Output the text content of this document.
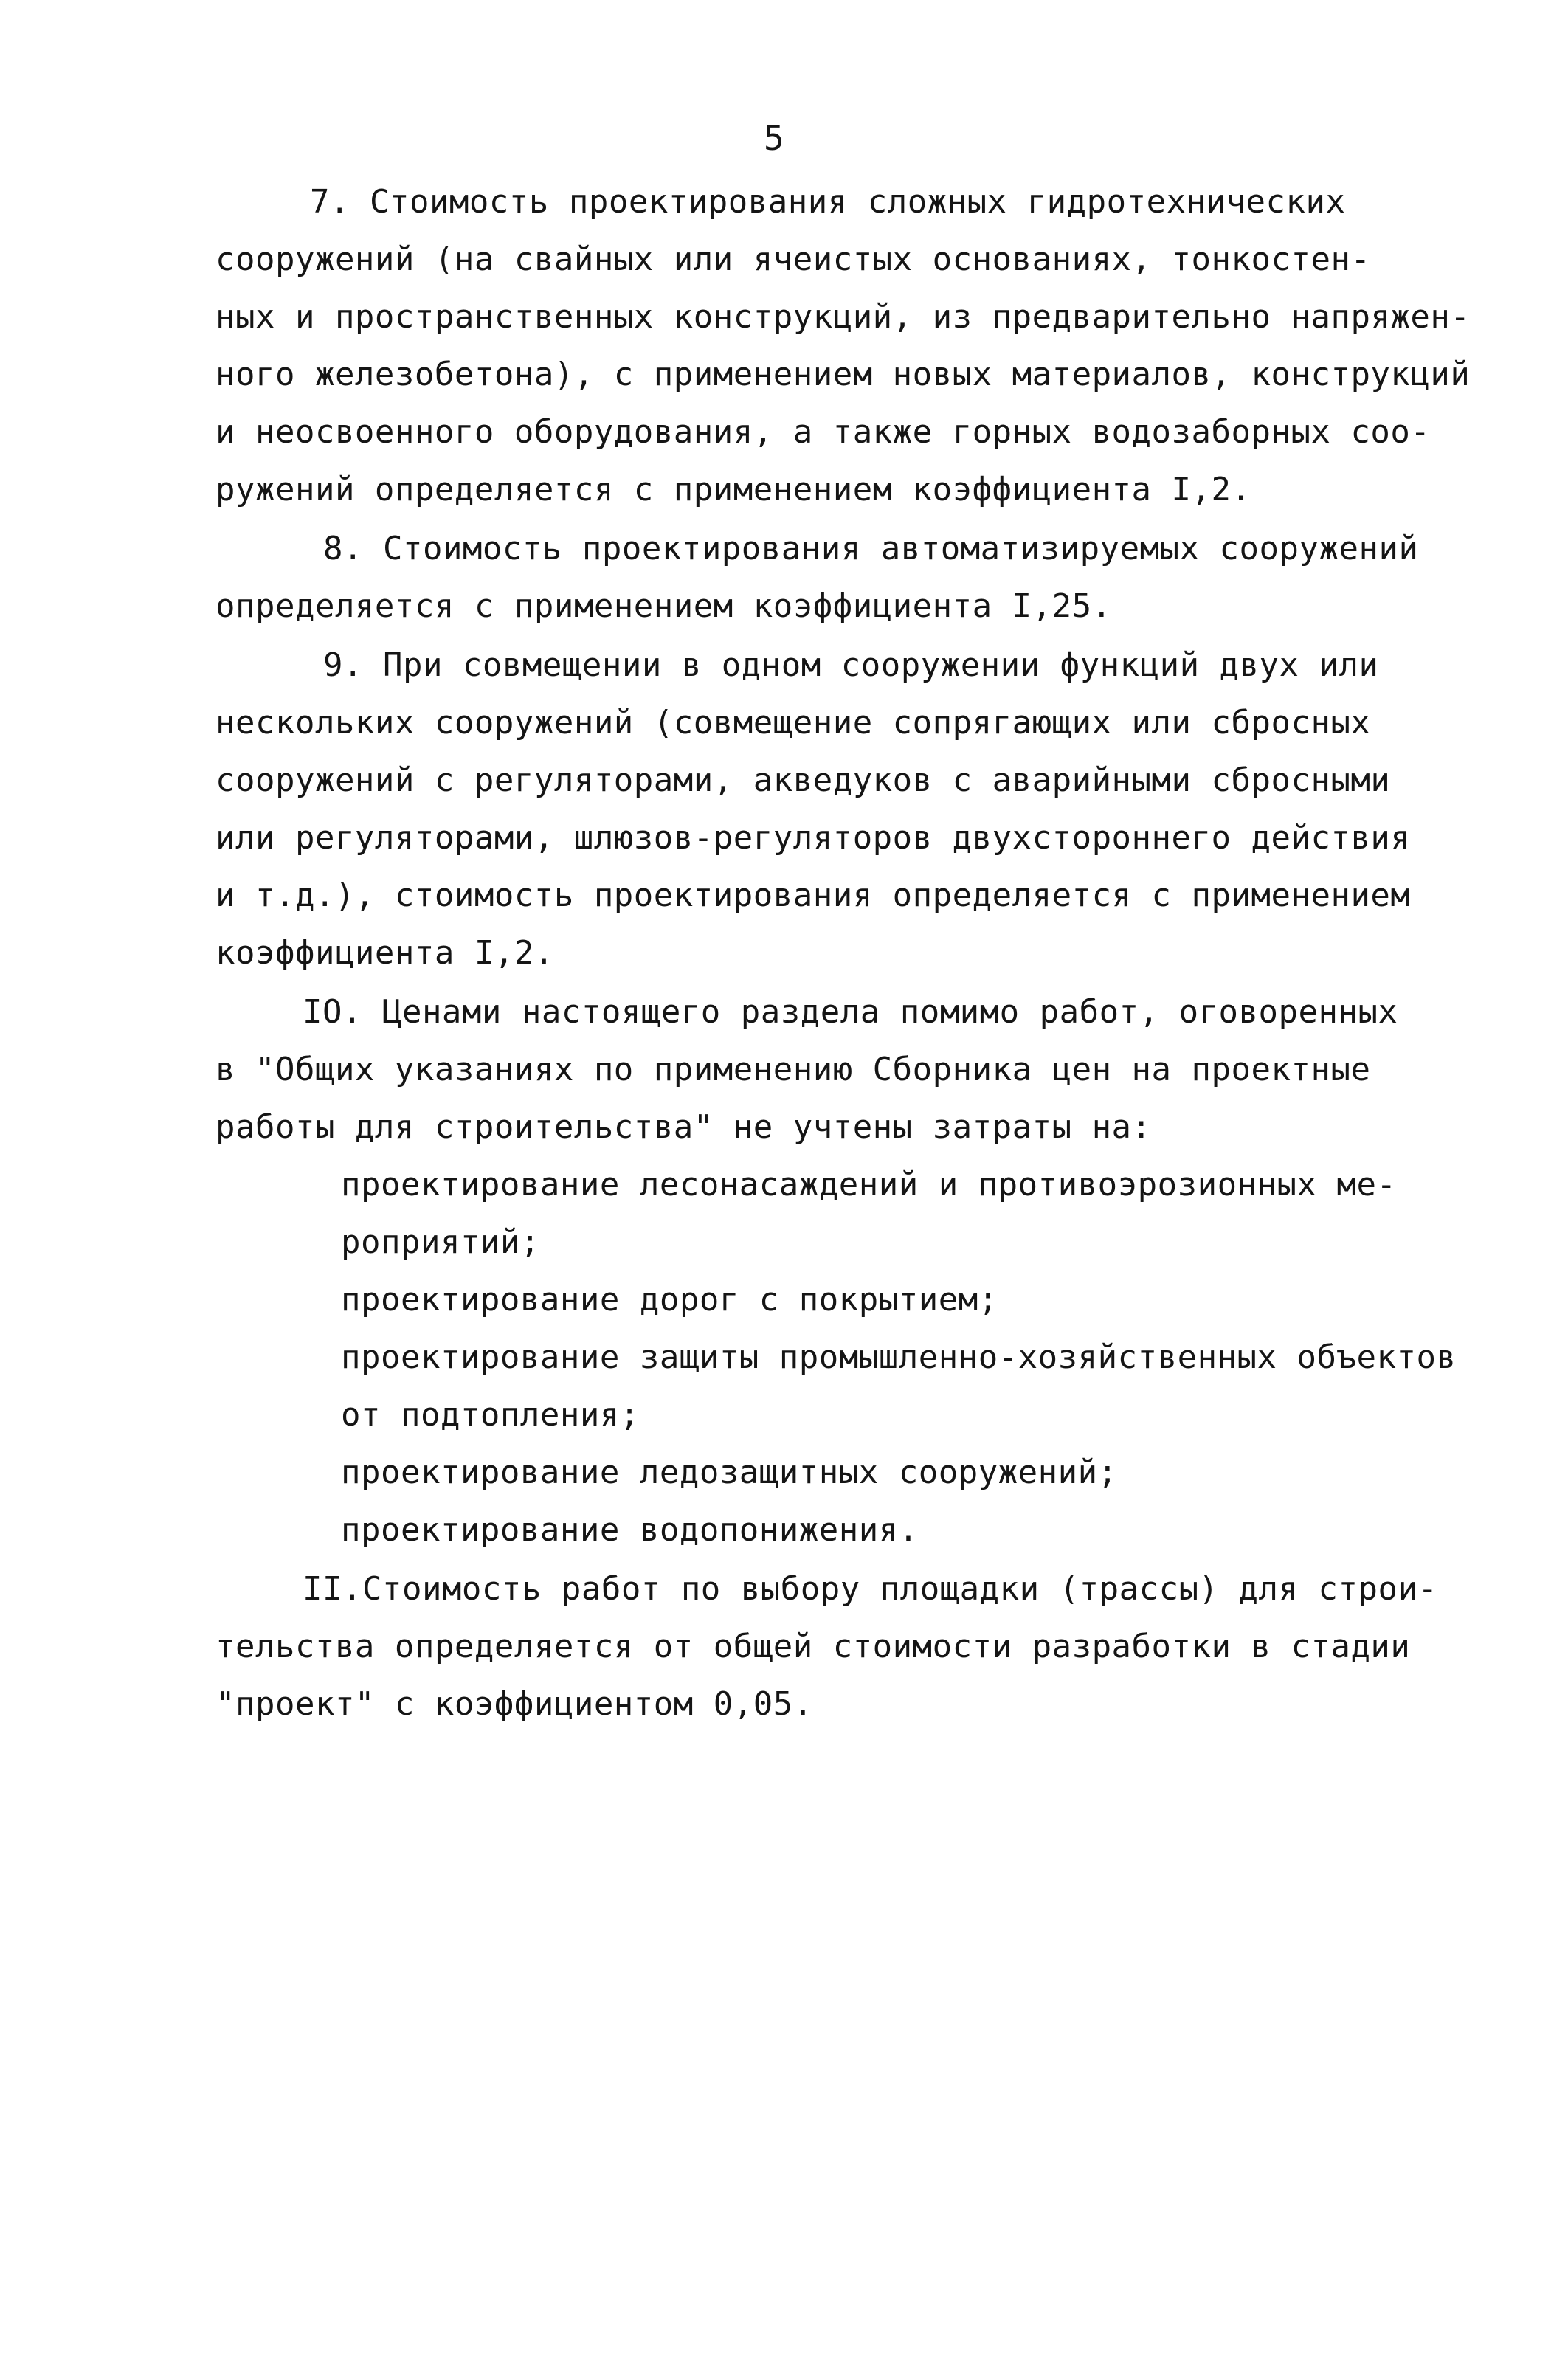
5
7. Стоимость проектирования сложных гидротехнических
сооружений (на свайных или ячеистых основаниях, тонкостен-
ных и пространственных конструкций, из предварительно напряжен-
ного железобетона), с применением новых материалов, конструкций
и неосвоенного оборудования, а также горных водозаборных соо-
ружений определяется с применением коэффициента I,2.
8. Стоимость проектирования автоматизируемых сооружений
определяется с применением коэффициента I,25.
9. При совмещении в одном сооружении функций двух или
нескольких сооружений (совмещение сопрягающих или сбросных
сооружений с регуляторами, акведуков с аварийными сбросными
или регуляторами, шлюзов-регуляторов двухстороннего действия
и т.д.), стоимость проектирования определяется с применением
коэффициента I,2.
IO. Ценами настоящего раздела помимо работ, оговоренных
в "Общих указаниях по применению Сборника цен на проектные
работы для строительства" не учтены затраты на:
проектирование лесонасаждений и противоэрозионных ме-
роприятий;
проектирование дорог с покрытием;
проектирование защиты промышленно-хозяйственных объектов
от подтопления;
проектирование ледозащитных сооружений;
проектирование водопонижения.
II.Стоимость работ по выбору площадки (трассы) для строи-
тельства определяется от общей стоимости разработки в стадии
"проект" с коэффициентом 0,05.
